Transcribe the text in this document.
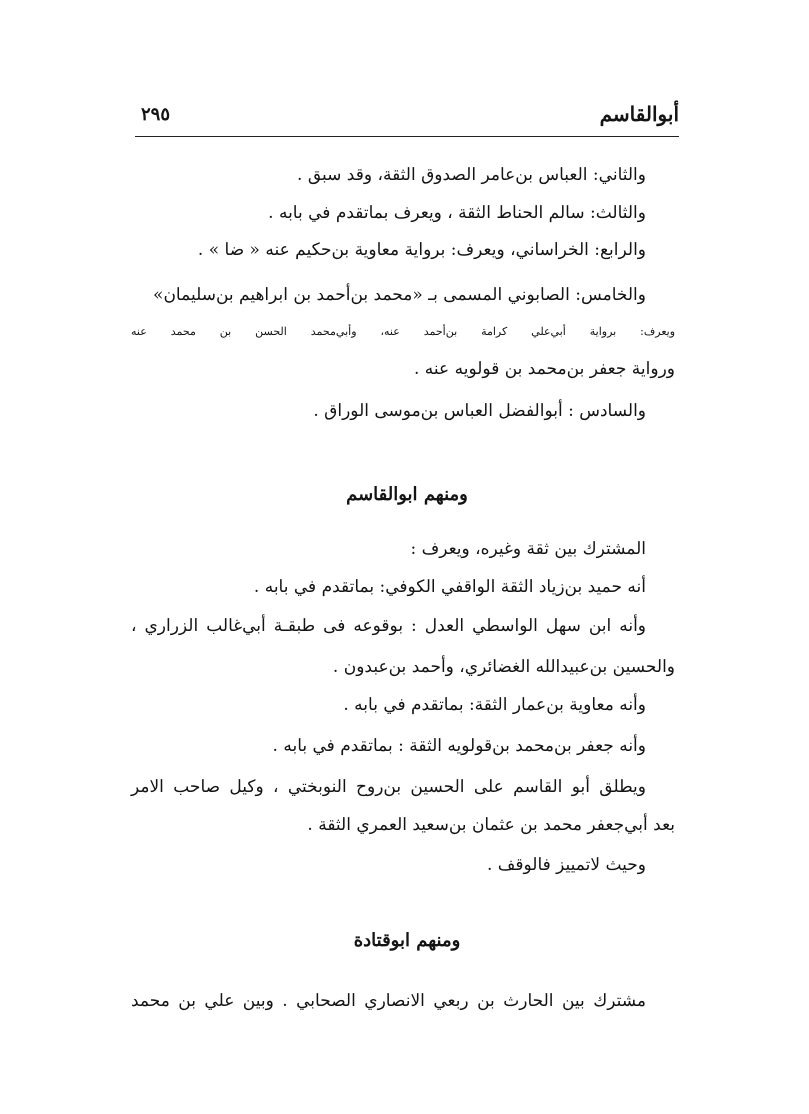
أبوالقاسم
٢٩٥
والثاني: العباس بن‌عامر الصدوق الثقة، وقد سبق .
والثالث: سالم الحناط الثقة ، ويعرف بماتقدم في بابه .
والرابع: الخراساني، ويعرف: برواية معاوية بن‌حكيم عنه « ضا » .
والخامس: الصابوني المسمى بـ «محمد بن‌أحمد بن ابراهيم بن‌سليمان»
ويعرف: برواية أبي‌علي كرامة بن‌أحمد عنه، وأبي‌محمد الحسن بن محمد عنه
ورواية جعفر بن‌محمد بن قولويه عنه .
والسادس : أبوالفضل العباس بن‌موسى الوراق .
ومنهم ابوالقاسم
المشترك بين ثقة وغيره، ويعرف :
أنه حميد بن‌زياد الثقة الواقفي الكوفي: بماتقدم في بابه .
وأنه ابن سهل الواسطي العدل : بوقوعه فى طبقـة أبي‌غالب الزراري ،
والحسين بن‌عبيدالله الغضائري، وأحمد بن‌عبدون .
وأنه معاوية بن‌عمار الثقة: بماتقدم في بابه .
وأنه جعفر بن‌محمد بن‌قولويه الثقة : بماتقدم في بابه .
ويطلق أبو القاسم على الحسين بن‌روح النوبختي ، وكيل صاحب الامر
بعد أبي‌جعفر محمد بن عثمان بن‌سعيد العمري الثقة .
وحيث لاتمييز فالوقف .
ومنهم ابوقتادة
مشترك بين الحارث بن ربعي الانصاري الصحابي . وبين علي بن محمد
